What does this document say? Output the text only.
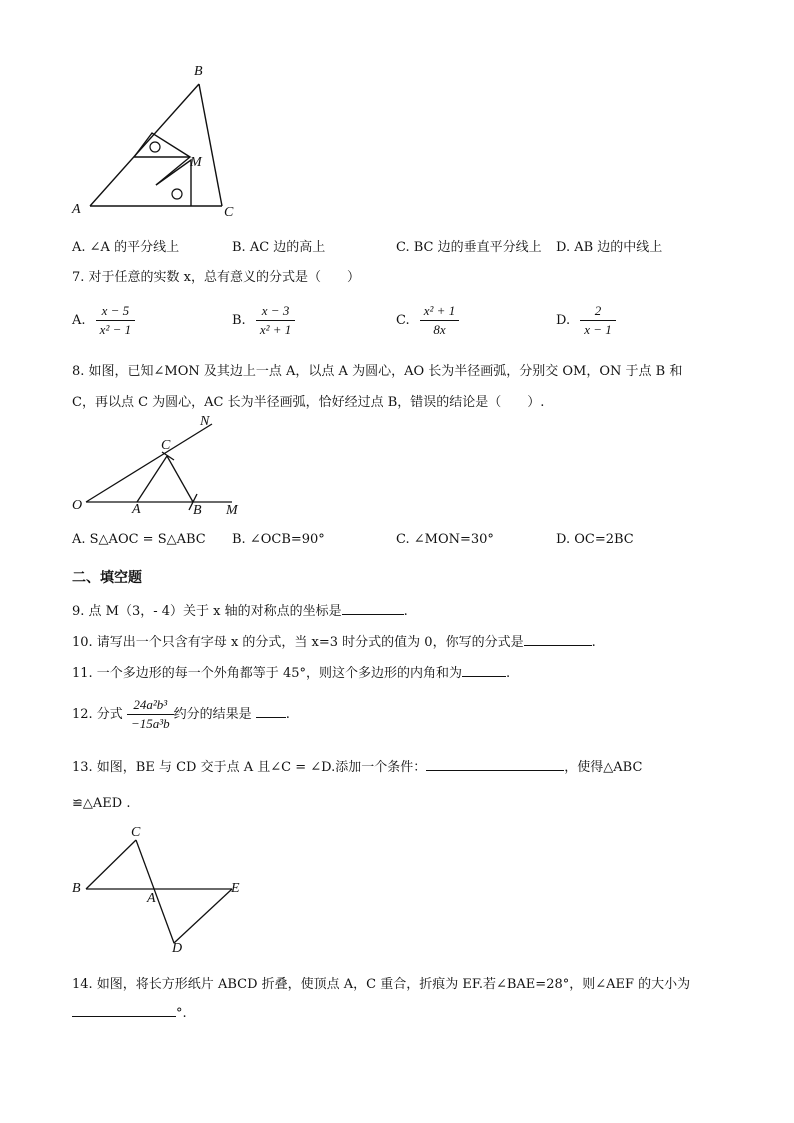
B
M
A	C
A. ∠A 的平分线上	B. AC 边的高上	C. BC 边的垂直平分线上 D. AB 边的中线上
7. 对于任意的实数 x，总有意义的分式是（　　）
A. $\frac{x - 5}{\text{x² − 1}}$	B. $\frac{x - 3}{\text{x² + 1}}$	C. $\frac{\text{x² + 1}}{8x}$	D. $\frac{2}{x - 1}$
8. 如图，已知∠MON 及其边上一点 A，以点 A 为圆心，AO 长为半径画弧，分别交 OM，ON 于点 B 和
C，再以点 C 为圆心，AC 长为半径画弧，恰好经过点 B，错误的结论是（　　）.
N
C
O	A	B M
A. S△AOC = S△ABC B. ∠OCB=90°	C. ∠MON=30°	D. OC=2BC
二、填空题
9. 点 M（3，- 4）关于 x 轴的对称点的坐标是	.
10. 请写出一个只含有字母 x 的分式，当 x=3 时分式的值为 0，你写的分式是	.
11. 一个多边形的每一个外角都等于 45°，则这个多边形的内角和为	.
12. 分式 $\frac{\text{24a²b³}}{\text{−15a³b}}$ 约分的结果是	.
13. 如图，BE 与 CD 交于点 A 且∠C = ∠D.添加一个条件：	，使得△ABC
≌△AED .
C
B
A
E
D
14. 如图，将长方形纸片 ABCD 折叠，使顶点 A，C 重合，折痕为 EF.若∠BAE=28°，则∠AEF 的大小为
°.
